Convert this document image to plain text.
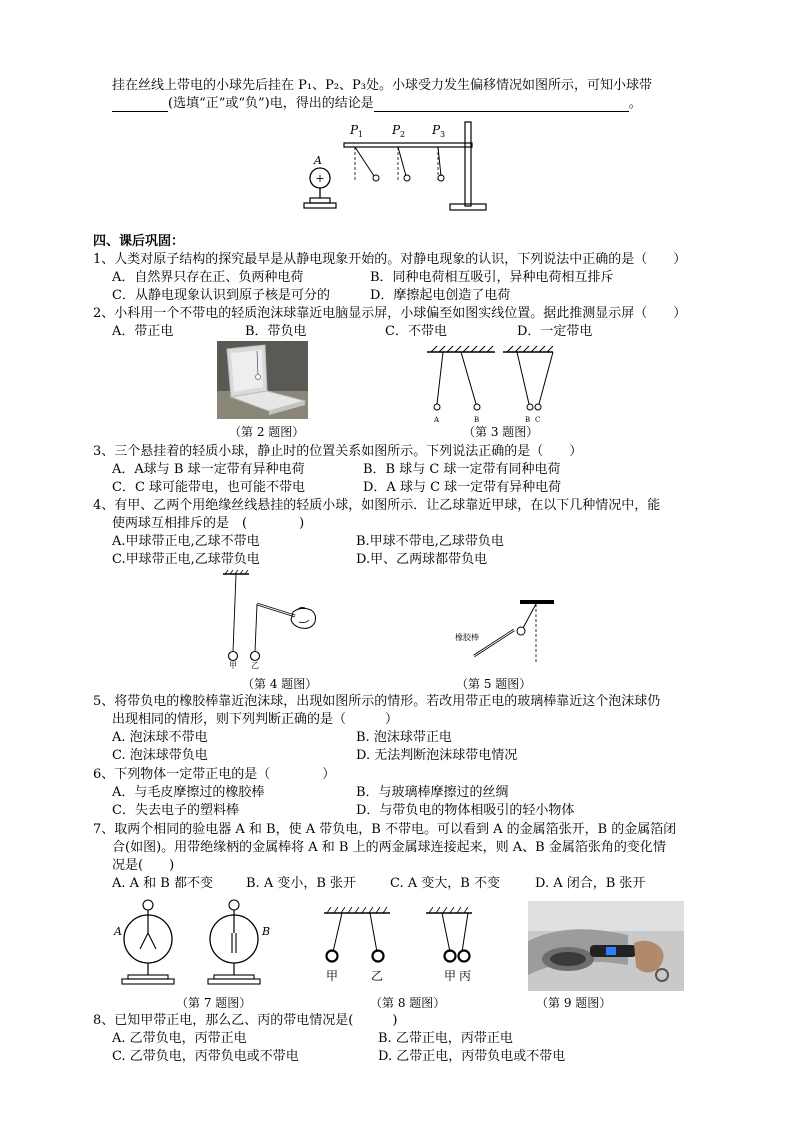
挂在丝线上带电的小球先后挂在 P₁、P₂、P₃处。小球受力发生偏移情况如图所示，可知小球带
(选填“正”或“负”)电，得出的结论是	。
+
A
P 1 P 2 P 3
四、课后巩固：
1、人类对原子结构的探究最早是从静电现象开始的。对静电现象的认识，下列说法中正确的是（　　）
A．自然界只存在正、负两种电荷	B．同种电荷相互吸引，异种电荷相互排斥
C．从静电现象认识到原子核是可分的	D．摩擦起电创造了电荷
2、小科用一个不带电的轻质泡沫球靠近电脑显示屏，小球偏至如图实线位置。据此推测显示屏（　　）
A．带正电	B．带负电	C．不带电	D．一定带电
（第 2 题图）
A	B	B C
（第 3 题图）
3、三个悬挂着的轻质小球，静止时的位置关系如图所示。下列说法正确的是（　　）
A．A球与 B 球一定带有异种电荷	B．B 球与 C 球一定带有同种电荷
C．C 球可能带电，也可能不带电	D．A 球与 C 球一定带有异种电荷
4、有甲、乙两个用绝缘丝线悬挂的轻质小球，如图所示．让乙球靠近甲球，在以下几种情况中，能
使两球互相排斥的是　(　　　　)
A.甲球带正电,乙球不带电	B.甲球不带电,乙球带负电
C.甲球带正电,乙球带负电	D.甲、乙两球都带负电
甲 乙
（第 4 题图）
橡胶棒
（第 5 题图）
5、将带负电的橡胶棒靠近泡沫球，出现如图所示的情形。若改用带正电的玻璃棒靠近这个泡沫球仍
出现相同的情形，则下列判断正确的是（　　　）
A. 泡沫球不带电	B. 泡沫球带正电
C. 泡沫球带负电	D. 无法判断泡沫球带电情况
6、下列物体一定带正电的是（　　　　）
A．与毛皮摩擦过的橡胶棒	B．与玻璃棒摩擦过的丝绸
C．失去电子的塑料棒	D．与带负电的物体相吸引的轻小物体
7、取两个相同的验电器 A 和 B，使 A 带负电，B 不带电。可以看到 A 的金属箔张开，B 的金属箔闭
合(如图)。用带绝缘柄的金属棒将 A 和 B 上的两金属球连接起来，则 A、B 金属箔张角的变化情
况是(　　)
A. A 和 B 都不变	B. A 变小，B 张开	C. A 变大，B 不变	D. A 闭合，B 张开
A	B
（第 7 题图）
甲	乙	甲 丙
（第 8 题图）	（第 9 题图）
8、已知甲带正电，那么乙、丙的带电情况是(　　　)
A. 乙带负电，丙带正电	B. 乙带正电，丙带正电
C. 乙带负电，丙带负电或不带电	D. 乙带正电，丙带负电或不带电
